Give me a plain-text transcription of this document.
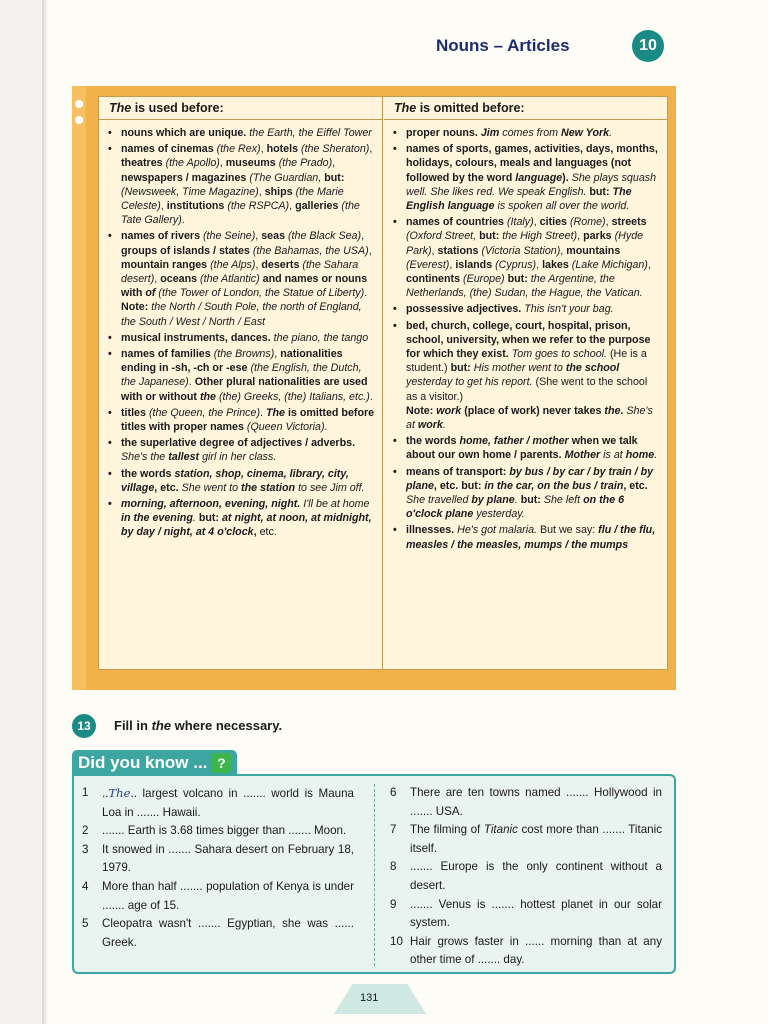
Nouns – Articles	10
The is used before:
• nouns which are unique. the Earth, the Eiffel Tower
• names of cinemas (the Rex), hotels (the Sheraton), theatres (the Apollo), museums (the Prado), newspapers / magazines (The Guardian, but: (Newsweek, Time Magazine), ships (the Marie Celeste), institutions (the RSPCA), galleries (the Tate Gallery).
• names of rivers (the Seine), seas (the Black Sea), groups of islands / states (the Bahamas, the USA), mountain ranges (the Alps), deserts (the Sahara desert), oceans (the Atlantic) and names or nouns with of (the Tower of London, the Statue of Liberty).
Note: the North / South Pole, the north of England, the South / West / North / East
• musical instruments, dances. the piano, the tango
• names of families (the Browns), nationalities ending in -sh, -ch or -ese (the English, the Dutch, the Japanese). Other plural nationalities are used with or without the (the) Greeks, (the) Italians, etc.).
• titles (the Queen, the Prince). The is omitted before titles with proper names (Queen Victoria).
• the superlative degree of adjectives / adverbs. She's the tallest girl in her class.
• the words station, shop, cinema, library, city, village, etc. She went to the station to see Jim off.
• morning, afternoon, evening, night. I'll be at home in the evening. but: at night, at noon, at midnight, by day / night, at 4 o'clock, etc.
The is omitted before:
• proper nouns. Jim comes from New York.
• names of sports, games, activities, days, months, holidays, colours, meals and languages (not followed by the word language). She plays squash well. She likes red. We speak English. but: The English language is spoken all over the world.
• names of countries (Italy), cities (Rome), streets (Oxford Street, but: the High Street), parks (Hyde Park), stations (Victoria Station), mountains (Everest), islands (Cyprus), lakes (Lake Michigan), continents (Europe) but: the Argentine, the Netherlands, (the) Sudan, the Hague, the Vatican.
• possessive adjectives. This isn't your bag.
• bed, church, college, court, hospital, prison, school, university, when we refer to the purpose for which they exist. Tom goes to school. (He is a student.) but: His mother went to the school yesterday to get his report. (She went to the school as a visitor.)
Note: work (place of work) never takes the. She's at work.
• the words home, father / mother when we talk about our own home / parents. Mother is at home.
• means of transport: by bus / by car / by train / by plane, etc. but: in the car, on the bus / train, etc. She travelled by plane. but: She left on the 6 o'clock plane yesterday.
• illnesses. He's got malaria. But we say: flu / the flu, measles / the measles, mumps / the mumps
13	Fill in the where necessary.
Did you know ... ?
1 ..The.. largest volcano in ....... world is Mauna Loa in ....... Hawaii.
2 ....... Earth is 3.68 times bigger than ....... Moon.
3 It snowed in ....... Sahara desert on February 18, 1979.
4 More than half ....... population of Kenya is under ....... age of 15.
5 Cleopatra wasn't ....... Egyptian, she was ...... Greek.
6 There are ten towns named ....... Hollywood in ....... USA.
7 The filming of Titanic cost more than ....... Titanic itself.
8 ....... Europe is the only continent without a desert.
9 ....... Venus is ....... hottest planet in our solar system.
10 Hair grows faster in ...... morning than at any other time of ....... day.
131
